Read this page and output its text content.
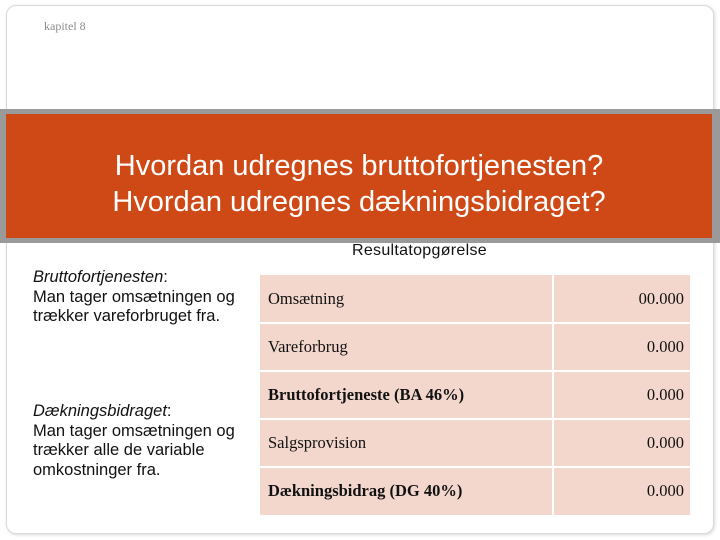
kapitel 8
Hvordan udregnes bruttofortjenesten?
Hvordan udregnes dækningsbidraget?
Resultatopgørelse

Bruttofortjenesten:

Man tager omsætningen og trækker vareforbruget fra.

Dækningsbidraget:

Man tager omsætningen og trækker alle de variable omkostninger fra.

Omsætning	00.000
Vareforbrug	0.000
Bruttofortjeneste (BA 46%)	0.000
Salgsprovision	0.000
Dækningsbidrag (DG 40%)	0.000
